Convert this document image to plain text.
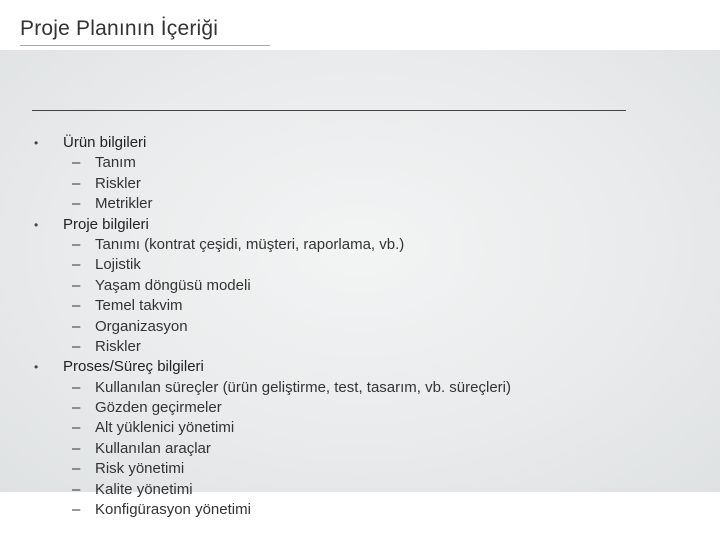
Proje Planının İçeriği
• Ürün bilgileri
– Tanım
– Riskler
– Metrikler
• Proje bilgileri
– Tanımı (kontrat çeşidi, müşteri, raporlama, vb.)
– Lojistik
– Yaşam döngüsü modeli
– Temel takvim
– Organizasyon
– Riskler
• Proses/Süreç bilgileri
– Kullanılan süreçler (ürün geliştirme, test, tasarım, vb. süreçleri)
– Gözden geçirmeler
– Alt yüklenici yönetimi
– Kullanılan araçlar
– Risk yönetimi
– Kalite yönetimi
– Konfigürasyon yönetimi
